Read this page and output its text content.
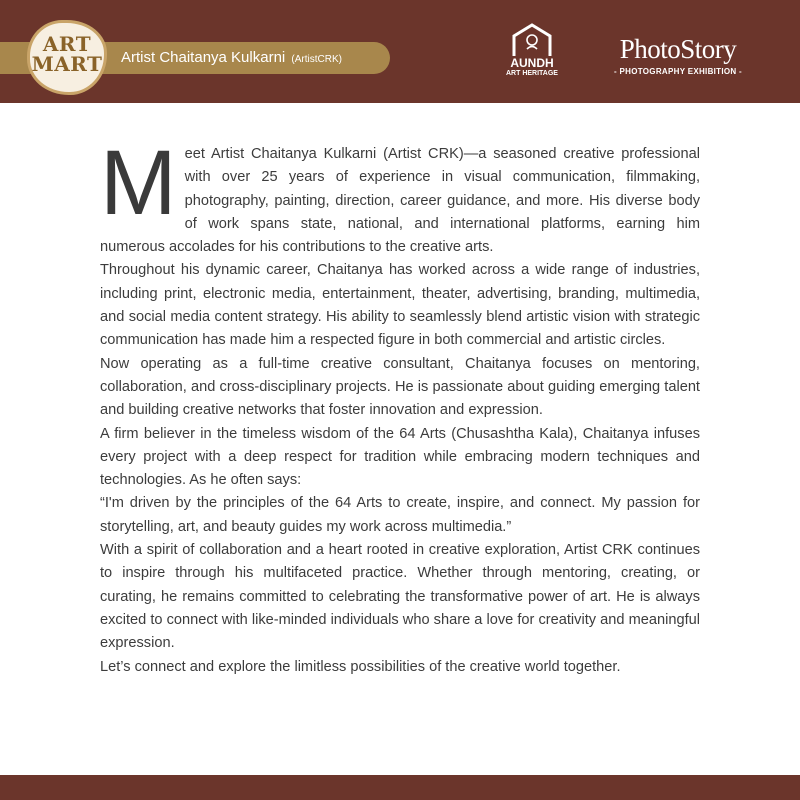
Artist Chaitanya Kulkarni (ArtistCRK)
ART
MART	AUNDH
ART HERITAGE
PhotoStory
- PHOTOGRAPHY EXHIBITION -

Meet Artist Chaitanya Kulkarni (Artist CRK)—a seasoned creative professional with over 25 years of experience in visual communication, filmmaking, photography, painting, direction, career guidance, and more. His diverse body of work spans state, national, and international platforms, earning him numerous accolades for his contributions to the creative arts.

Throughout his dynamic career, Chaitanya has worked across a wide range of industries, including print, electronic media, entertainment, theater, advertising, branding, multimedia, and social media content strategy. His ability to seamlessly blend artistic vision with strategic communication has made him a respected figure in both commercial and artistic circles.

Now operating as a full-time creative consultant, Chaitanya focuses on mentoring, collaboration, and cross-disciplinary projects. He is passionate about guiding emerging talent and building creative networks that foster innovation and expression.

A firm believer in the timeless wisdom of the 64 Arts (Chusashtha Kala), Chaitanya infuses every project with a deep respect for tradition while embracing modern techniques and technologies. As he often says:

“I'm driven by the principles of the 64 Arts to create, inspire, and connect. My passion for storytelling, art, and beauty guides my work across multimedia.”

With a spirit of collaboration and a heart rooted in creative exploration, Artist CRK continues to inspire through his multifaceted practice. Whether through mentoring, creating, or curating, he remains committed to celebrating the transformative power of art. He is always excited to connect with like-minded individuals who share a love for creativity and meaningful expression.

Let’s connect and explore the limitless possibilities of the creative world together.
